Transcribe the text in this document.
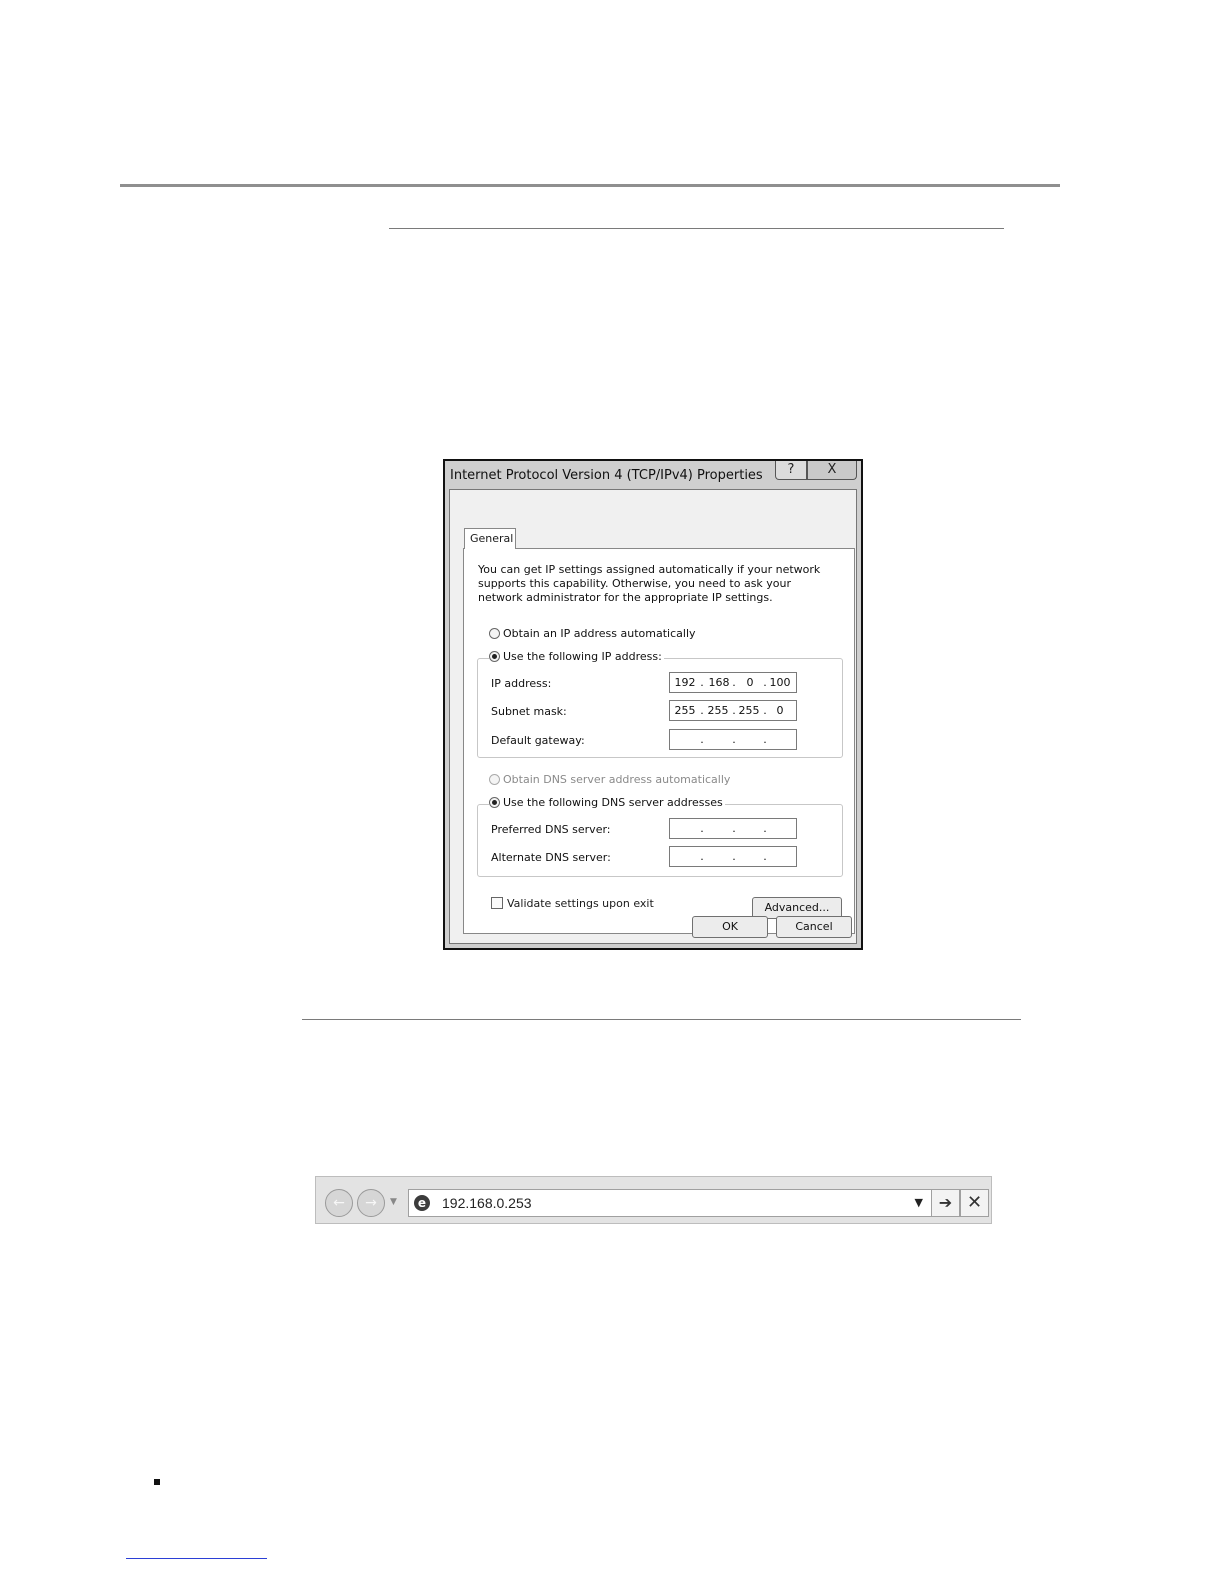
Internet Protocol Version 4 (TCP/IPv4) Properties	?	X
General
You can get IP settings assigned automatically if your network supports this capability. Otherwise, you need to ask your network administrator for the appropriate IP settings.
Obtain an IP address automatically
Use the following IP address:
IP address:	192 . 168 . 0 . 100
Subnet mask:	255 . 255 . 255 . 0
Default gateway:	.	.	.
Obtain DNS server address automatically
Use the following DNS server addresses
Preferred DNS server:	.	.	.
Alternate DNS server:	.	.	.
Validate settings upon exit	Advanced...
OK	Cancel
←	→	▼	e 192.168.0.253	▼ ➔ ✕
